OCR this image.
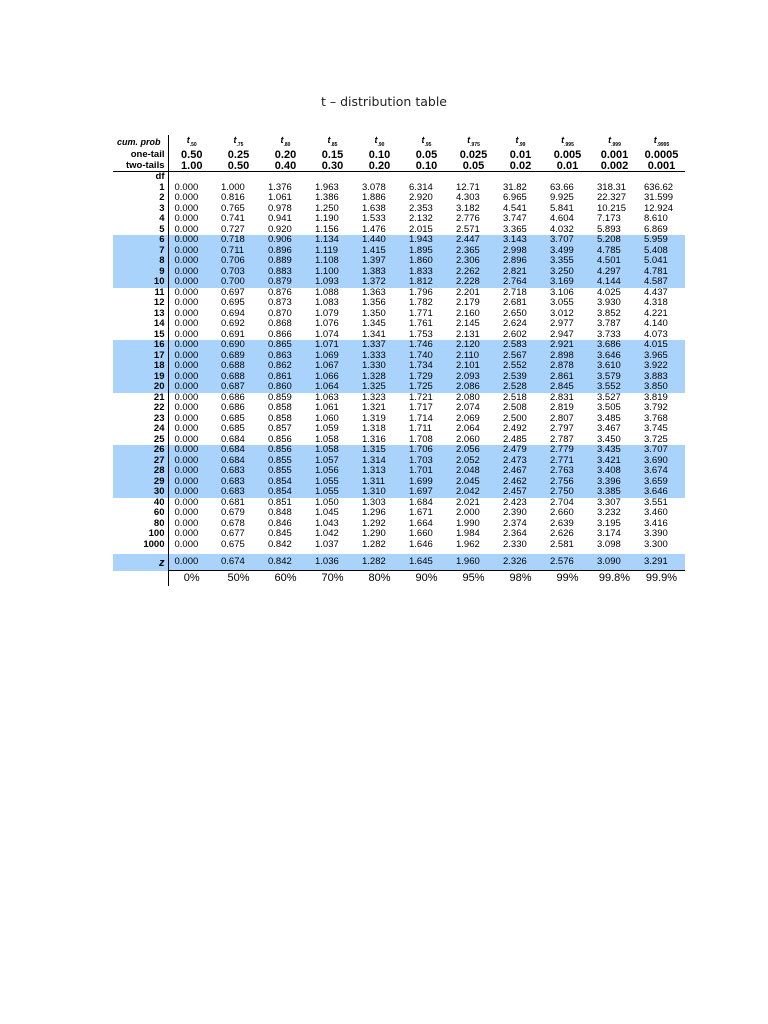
t – distribution table
cum. prob	$t_{.50}$	$t_{.75}$	$t_{.80}$	$t_{.85}$	$t_{.90}$	$t_{.95}$	$t_{.975}$	$t_{.99}$	$t_{.995}$	$t_{.999}$	$t_{.9995}$
one-tail	0.50	0.25	0.20	0.15	0.10	0.05	0.025	0.01	0.005	0.001	0.0005
two-tails	1.00	0.50	0.40	0.30	0.20	0.10	0.05	0.02	0.01	0.002	0.001
df											
1	0.000	1.000	1.376	1.963	3.078	6.314	12.71	31.82	63.66	318.31	636.62
2	0.000	0.816	1.061	1.386	1.886	2.920	4.303	6.965	9.925	22.327	31.599
3	0.000	0.765	0.978	1.250	1.638	2.353	3.182	4.541	5.841	10.215	12.924
4	0.000	0.741	0.941	1.190	1.533	2.132	2.776	3.747	4.604	7.173	8.610
5	0.000	0.727	0.920	1.156	1.476	2.015	2.571	3.365	4.032	5.893	6.869
6	0.000	0.718	0.906	1.134	1.440	1.943	2.447	3.143	3.707	5.208	5.959
7	0.000	0.711	0.896	1.119	1.415	1.895	2.365	2.998	3.499	4.785	5.408
8	0.000	0.706	0.889	1.108	1.397	1.860	2.306	2.896	3.355	4.501	5.041
9	0.000	0.703	0.883	1.100	1.383	1.833	2.262	2.821	3.250	4.297	4.781
10	0.000	0.700	0.879	1.093	1.372	1.812	2.228	2.764	3.169	4.144	4.587
11	0.000	0.697	0.876	1.088	1.363	1.796	2.201	2.718	3.106	4.025	4.437
12	0.000	0.695	0.873	1.083	1.356	1.782	2.179	2.681	3.055	3.930	4.318
13	0.000	0.694	0.870	1.079	1.350	1.771	2.160	2.650	3.012	3.852	4.221
14	0.000	0.692	0.868	1.076	1.345	1.761	2.145	2.624	2.977	3.787	4.140
15	0.000	0.691	0.866	1.074	1.341	1.753	2.131	2.602	2.947	3.733	4.073
16	0.000	0.690	0.865	1.071	1.337	1.746	2.120	2.583	2.921	3.686	4.015
17	0.000	0.689	0.863	1.069	1.333	1.740	2.110	2.567	2.898	3.646	3.965
18	0.000	0.688	0.862	1.067	1.330	1.734	2.101	2.552	2.878	3.610	3.922
19	0.000	0.688	0.861	1.066	1.328	1.729	2.093	2.539	2.861	3.579	3.883
20	0.000	0.687	0.860	1.064	1.325	1.725	2.086	2.528	2.845	3.552	3.850
21	0.000	0.686	0.859	1.063	1.323	1.721	2.080	2.518	2.831	3.527	3.819
22	0.000	0.686	0.858	1.061	1.321	1.717	2.074	2.508	2.819	3.505	3.792
23	0.000	0.685	0.858	1.060	1.319	1.714	2.069	2.500	2.807	3.485	3.768
24	0.000	0.685	0.857	1.059	1.318	1.711	2.064	2.492	2.797	3.467	3.745
25	0.000	0.684	0.856	1.058	1.316	1.708	2.060	2.485	2.787	3.450	3.725
26	0.000	0.684	0.856	1.058	1.315	1.706	2.056	2.479	2.779	3.435	3.707
27	0.000	0.684	0.855	1.057	1.314	1.703	2.052	2.473	2.771	3.421	3.690
28	0.000	0.683	0.855	1.056	1.313	1.701	2.048	2.467	2.763	3.408	3.674
29	0.000	0.683	0.854	1.055	1.311	1.699	2.045	2.462	2.756	3.396	3.659
30	0.000	0.683	0.854	1.055	1.310	1.697	2.042	2.457	2.750	3.385	3.646
40	0.000	0.681	0.851	1.050	1.303	1.684	2.021	2.423	2.704	3.307	3.551
60	0.000	0.679	0.848	1.045	1.296	1.671	2.000	2.390	2.660	3.232	3.460
80	0.000	0.678	0.846	1.043	1.292	1.664	1.990	2.374	2.639	3.195	3.416
100	0.000	0.677	0.845	1.042	1.290	1.660	1.984	2.364	2.626	3.174	3.390
1000	0.000	0.675	0.842	1.037	1.282	1.646	1.962	2.330	2.581	3.098	3.300

z	0.000	0.674	0.842	1.036	1.282	1.645	1.960	2.326	2.576	3.090	3.291
	0%	50%	60%	70%	80%	90%	95%	98%	99%	99.8%	99.9%
